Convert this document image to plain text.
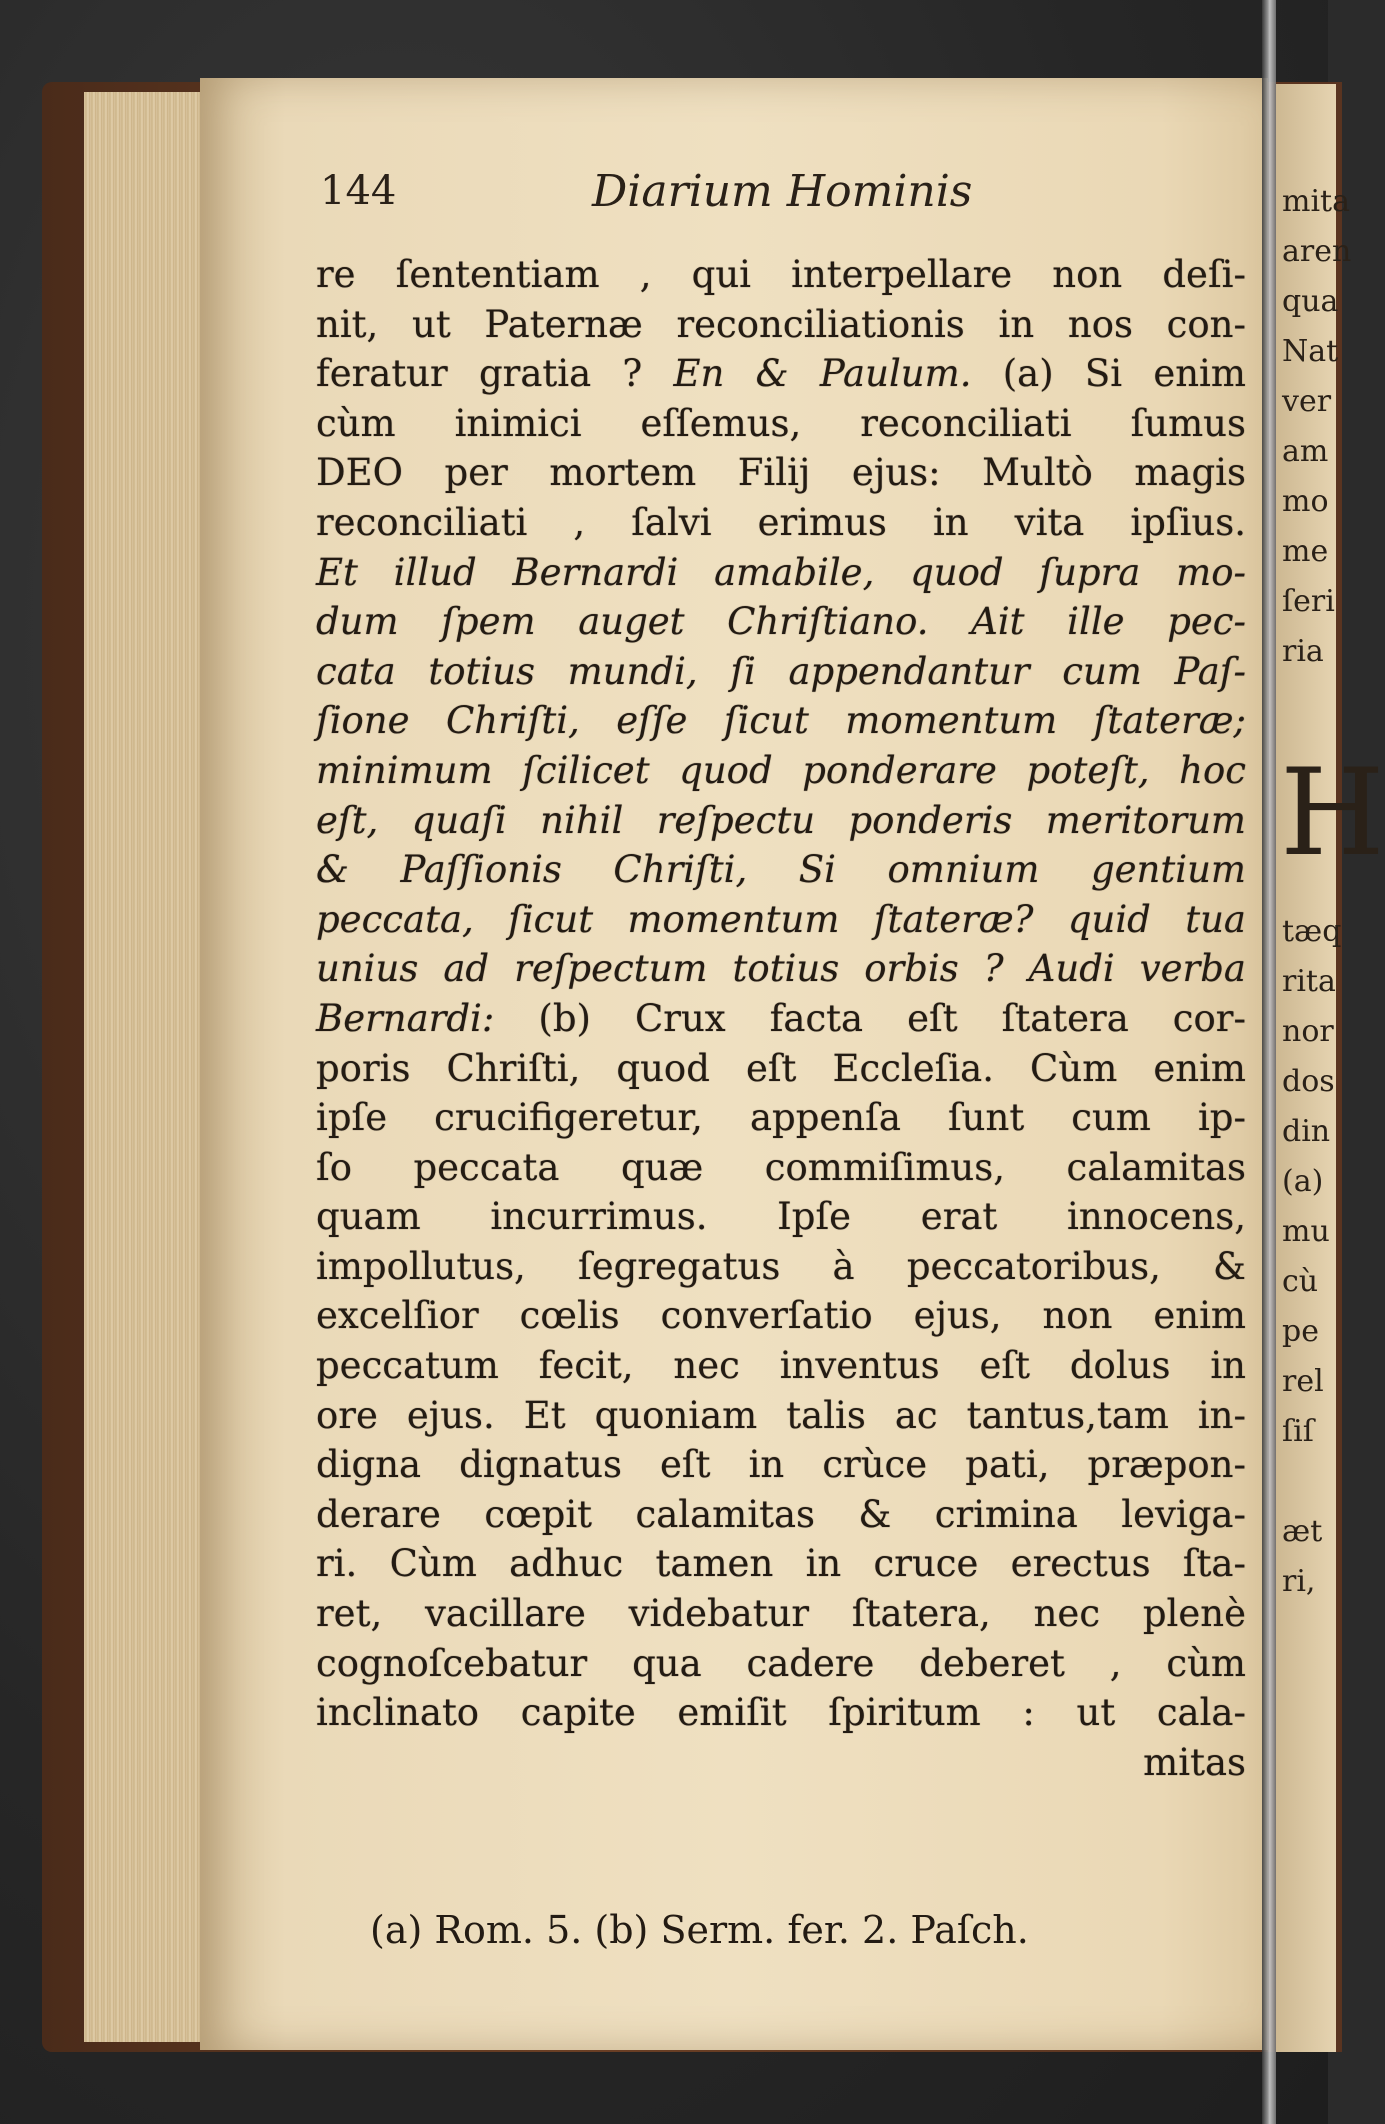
144	Diarium Hominis
re ſententiam , qui interpellare non deſi-
nit, ut Paternæ reconciliationis in nos con-
feratur gratia ? En & Paulum. (a) Si enim
cùm inimici eſſemus, reconciliati ſumus
DEO per mortem Filij ejus: Multò magis
reconciliati , ſalvi erimus in vita ipſius.
Et illud Bernardi amabile, quod ſupra mo-
dum ſpem auget Chriſtiano. Ait ille pec-
cata totius mundi, ſi appendantur cum Paſ-
ſione Chriſti, eſſe ſicut momentum ſtateræ;
minimum ſcilicet quod ponderare poteſt, hoc
eſt, quaſi nihil reſpectu ponderis meritorum
& Paſſionis Chriſti, Si omnium gentium
peccata, ſicut momentum ſtateræ? quid tua
unius ad reſpectum totius orbis ? Audi verba
Bernardi: (b) Crux facta eſt ſtatera cor-
poris Chriſti, quod eſt Eccleſia. Cùm enim
ipſe crucifigeretur, appenſa ſunt cum ip-
ſo peccata quæ commiſimus, calamitas
quam incurrimus. Ipſe erat innocens,
impollutus, ſegregatus à peccatoribus, &
excelſior cœlis converſatio ejus, non enim
peccatum fecit, nec inventus eſt dolus in
ore ejus. Et quoniam talis ac tantus,tam in-
digna dignatus eſt in crùce pati, præpon-
derare cœpit calamitas & crimina leviga-
ri. Cùm adhuc tamen in cruce erectus ſta-
ret, vacillare videbatur ſtatera, nec plenè
cognoſcebatur qua cadere deberet , cùm
inclinato capite emiſit ſpiritum : ut cala-
mitas
(a) Rom. 5. (b) Serm. fer. 2. Paſch.
mita
aren
qua
Nat
ver
am
mo
me
ſeri
ria
H
tæq
rita
nor
dos
din
(a)
mu
cù
pe
rel
ſiſ
æt
ri,
